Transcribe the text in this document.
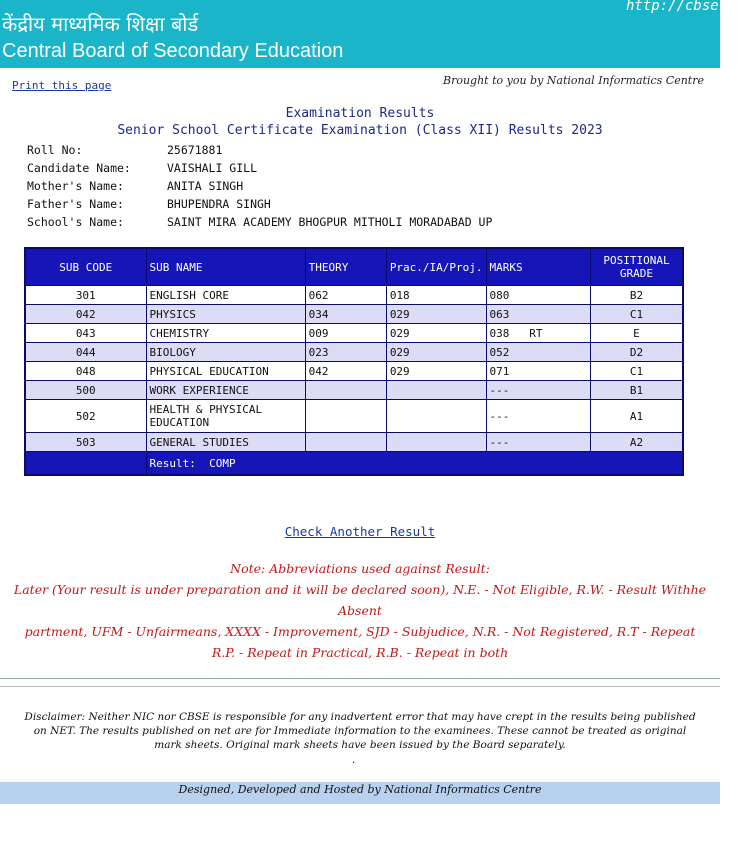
केंद्रीय माध्यमिक शिक्षा बोर्ड
Central Board of Secondary Education
http://cbseresu
Print this page	Brought to you by National Informatics Centre
Examination Results
Senior School Certificate Examination (Class XII) Results 2023
Roll No:	25671881
Candidate Name:	VAISHALI GILL
Mother's Name:	ANITA SINGH
Father's Name:	BHUPENDRA SINGH
School's Name:	SAINT MIRA ACADEMY BHOGPUR MITHOLI MORADABAD UP
SUB CODE	SUB NAME	THEORY	Prac./IA/Proj.	MARKS	POSITIONAL GRADE
301	ENGLISH CORE	062	018	080	B2
042	PHYSICS	034	029	063	C1
043	CHEMISTRY	009	029	038   RT	E
044	BIOLOGY	023	029	052	D2
048	PHYSICAL EDUCATION	042	029	071	C1
500	WORK EXPERIENCE			---	B1
502	HEALTH & PHYSICAL EDUCATION			---	A1
503	GENERAL STUDIES			---	A2
	Result:  COMP				
Check Another Result
Note: Abbreviations used against Result:
Later (Your result is under preparation and it will be declared soon), N.E. - Not Eligible, R.W. - Result Withhe
Absent
partment, UFM - Unfairmeans, XXXX - Improvement, SJD - Subjudice, N.R. - Not Registered, R.T - Repeat
R.P. - Repeat in Practical, R.B. - Repeat in both
Disclaimer: Neither NIC nor CBSE is responsible for any inadvertent error that may have crept in the results being published on NET. The results published on net are for Immediate information to the examinees. These cannot be treated as original mark sheets. Original mark sheets have been issued by the Board separately.
.
Designed, Developed and Hosted by National Informatics Centre
